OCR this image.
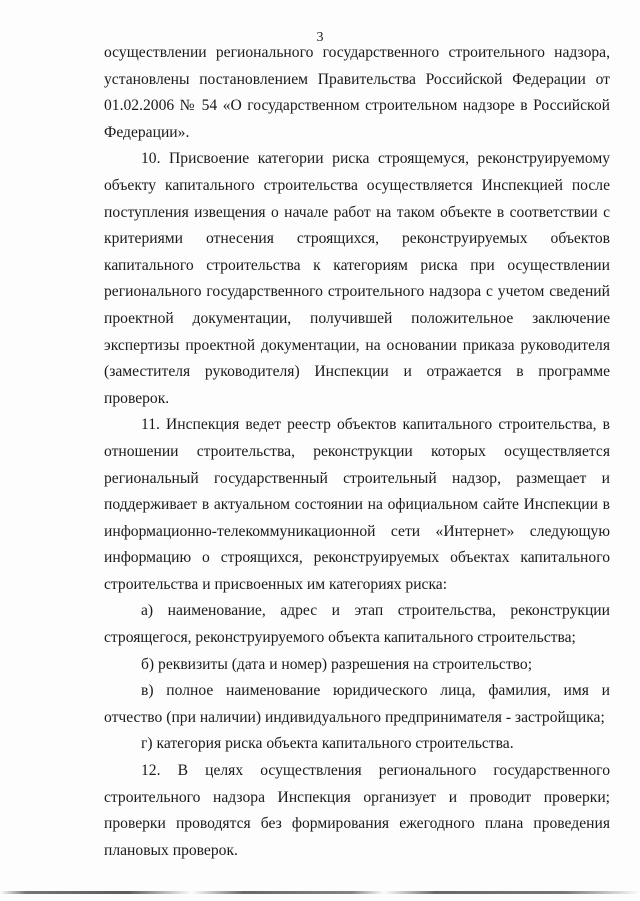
3

осуществлении регионального государственного строительного надзора, установлены постановлением Правительства Российской Федерации от 01.02.2006 № 54 «О государственном строительном надзоре в Российской Федерации».

10. Присвоение категории риска строящемуся, реконструируемому объекту капитального строительства осуществляется Инспекцией после поступления извещения о начале работ на таком объекте в соответствии с критериями отнесения строящихся, реконструируемых объектов капитального строительства к категориям риска при осуществлении регионального государственного строительного надзора с учетом сведений проектной документации, получившей положительное заключение экспертизы проектной документации, на основании приказа руководителя (заместителя руководителя) Инспекции и отражается в программе проверок.

11. Инспекция ведет реестр объектов капитального строительства, в отношении строительства, реконструкции которых осуществляется региональный государственный строительный надзор, размещает и поддерживает в актуальном состоянии на официальном сайте Инспекции в информационно-телекоммуникационной сети «Интернет» следующую информацию о строящихся, реконструируемых объектах капитального строительства и присвоенных им категориях риска:

а) наименование, адрес и этап строительства, реконструкции строящегося, реконструируемого объекта капитального строительства;

б) реквизиты (дата и номер) разрешения на строительство;

в) полное наименование юридического лица, фамилия, имя и отчество (при наличии) индивидуального предпринимателя - застройщика;

г) категория риска объекта капитального строительства.

12. В целях осуществления регионального государственного строительного надзора Инспекция организует и проводит проверки; проверки проводятся без формирования ежегодного плана проведения плановых проверок.
